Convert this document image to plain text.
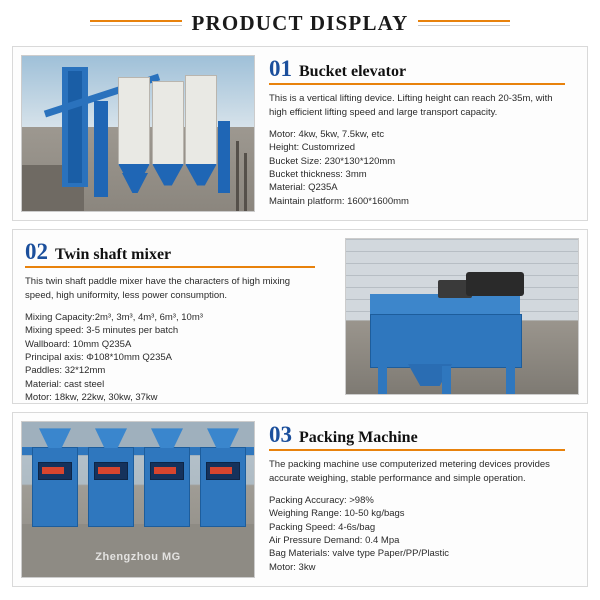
PRODUCT DISPLAY
01 Bucket elevator
This is a vertical lifting device. Lifting height can reach 20-35m, with high efficient lifting speed and large transport capacity.
Motor: 4kw, 5kw, 7.5kw, etc
Height: Customrized
Bucket Size: 230*130*120mm
Bucket thickness: 3mm
Material: Q235A
Maintain platform: 1600*1600mm
02 Twin shaft mixer
This twin shaft paddle mixer have the characters of high mixing speed, high uniformity, less power consumption.
Mixing Capacity:2m³, 3m³, 4m³, 6m³, 10m³
Mixing speed: 3-5 minutes per batch
Wallboard: 10mm Q235A
Principal axis: Φ108*10mm Q235A
Paddles: 32*12mm
Material: cast steel
Motor: 18kw, 22kw, 30kw, 37kw
Zhengzhou MG
03 Packing Machine
The packing machine use computerized metering devices provides accurate weighing, stable performance and simple operation.
Packing Accuracy: >98%
Weighing Range: 10-50 kg/bags
Packing Speed: 4-6s/bag
Air Pressure Demand: 0.4 Mpa
Bag Materials: valve type Paper/PP/Plastic
Motor: 3kw
